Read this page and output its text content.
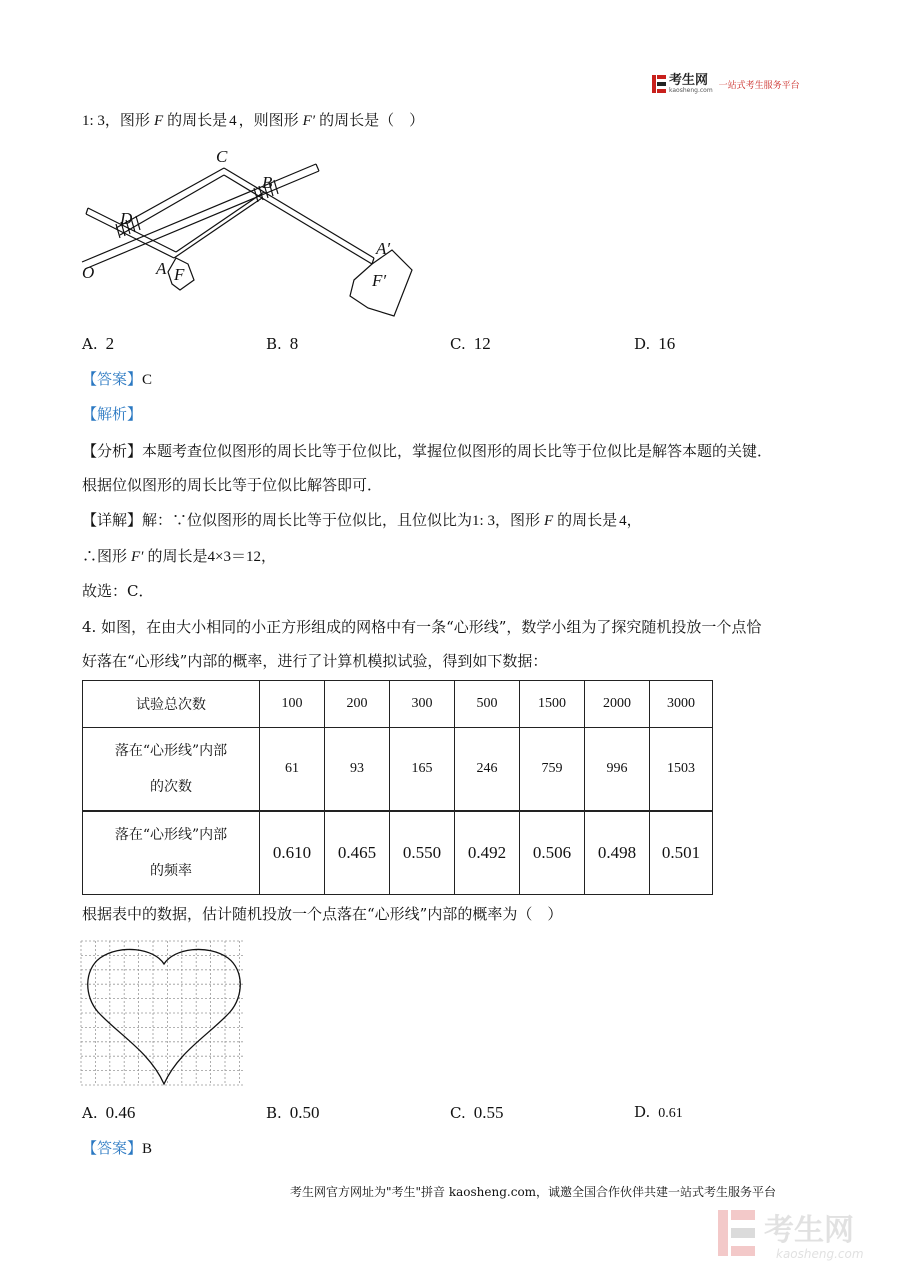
考生网
kaosheng.com 一站式考生服务平台
1: 3，图形 F 的周长是 4 ，则图形 F′ 的周长是（　）
C
B
D
A
A′
O	F	F′
A. 2	B. 8	C. 12	D. 16
【答案】C
【解析】
【分析】本题考查位似图形的周长比等于位似比，掌握位似图形的周长比等于位似比是解答本题的关键．
根据位似图形的周长比等于位似比解答即可．
【详解】解：∵位似图形的周长比等于位似比，且位似比为1: 3，图形 F 的周长是 4，
∴图形 F′ 的周长是4×3＝12，
故选：C．
4. 如图，在由大小相同的小正方形组成的网格中有一条“心形线”，数学小组为了探究随机投放一个点恰
好落在“心形线”内部的概率，进行了计算机模拟试验，得到如下数据：
试验总次数	100	200	300	500	1500	2000	3000

落在“心形线”内部
的次数	61	93	165	246	759	996	1503

落在“心形线”内部
的频率	0.610	0.465	0.550	0.492	0.506	0.498	0.501
根据表中的数据，估计随机投放一个点落在“心形线”内部的概率为（　）
A. 0.46	B. 0.50	C. 0.55	D. 0.61
【答案】B
考生网官方网址为"考生"拼音 kaosheng.com，诚邀全国合作伙伴共建一站式考生服务平台
考生网
kaosheng.com
